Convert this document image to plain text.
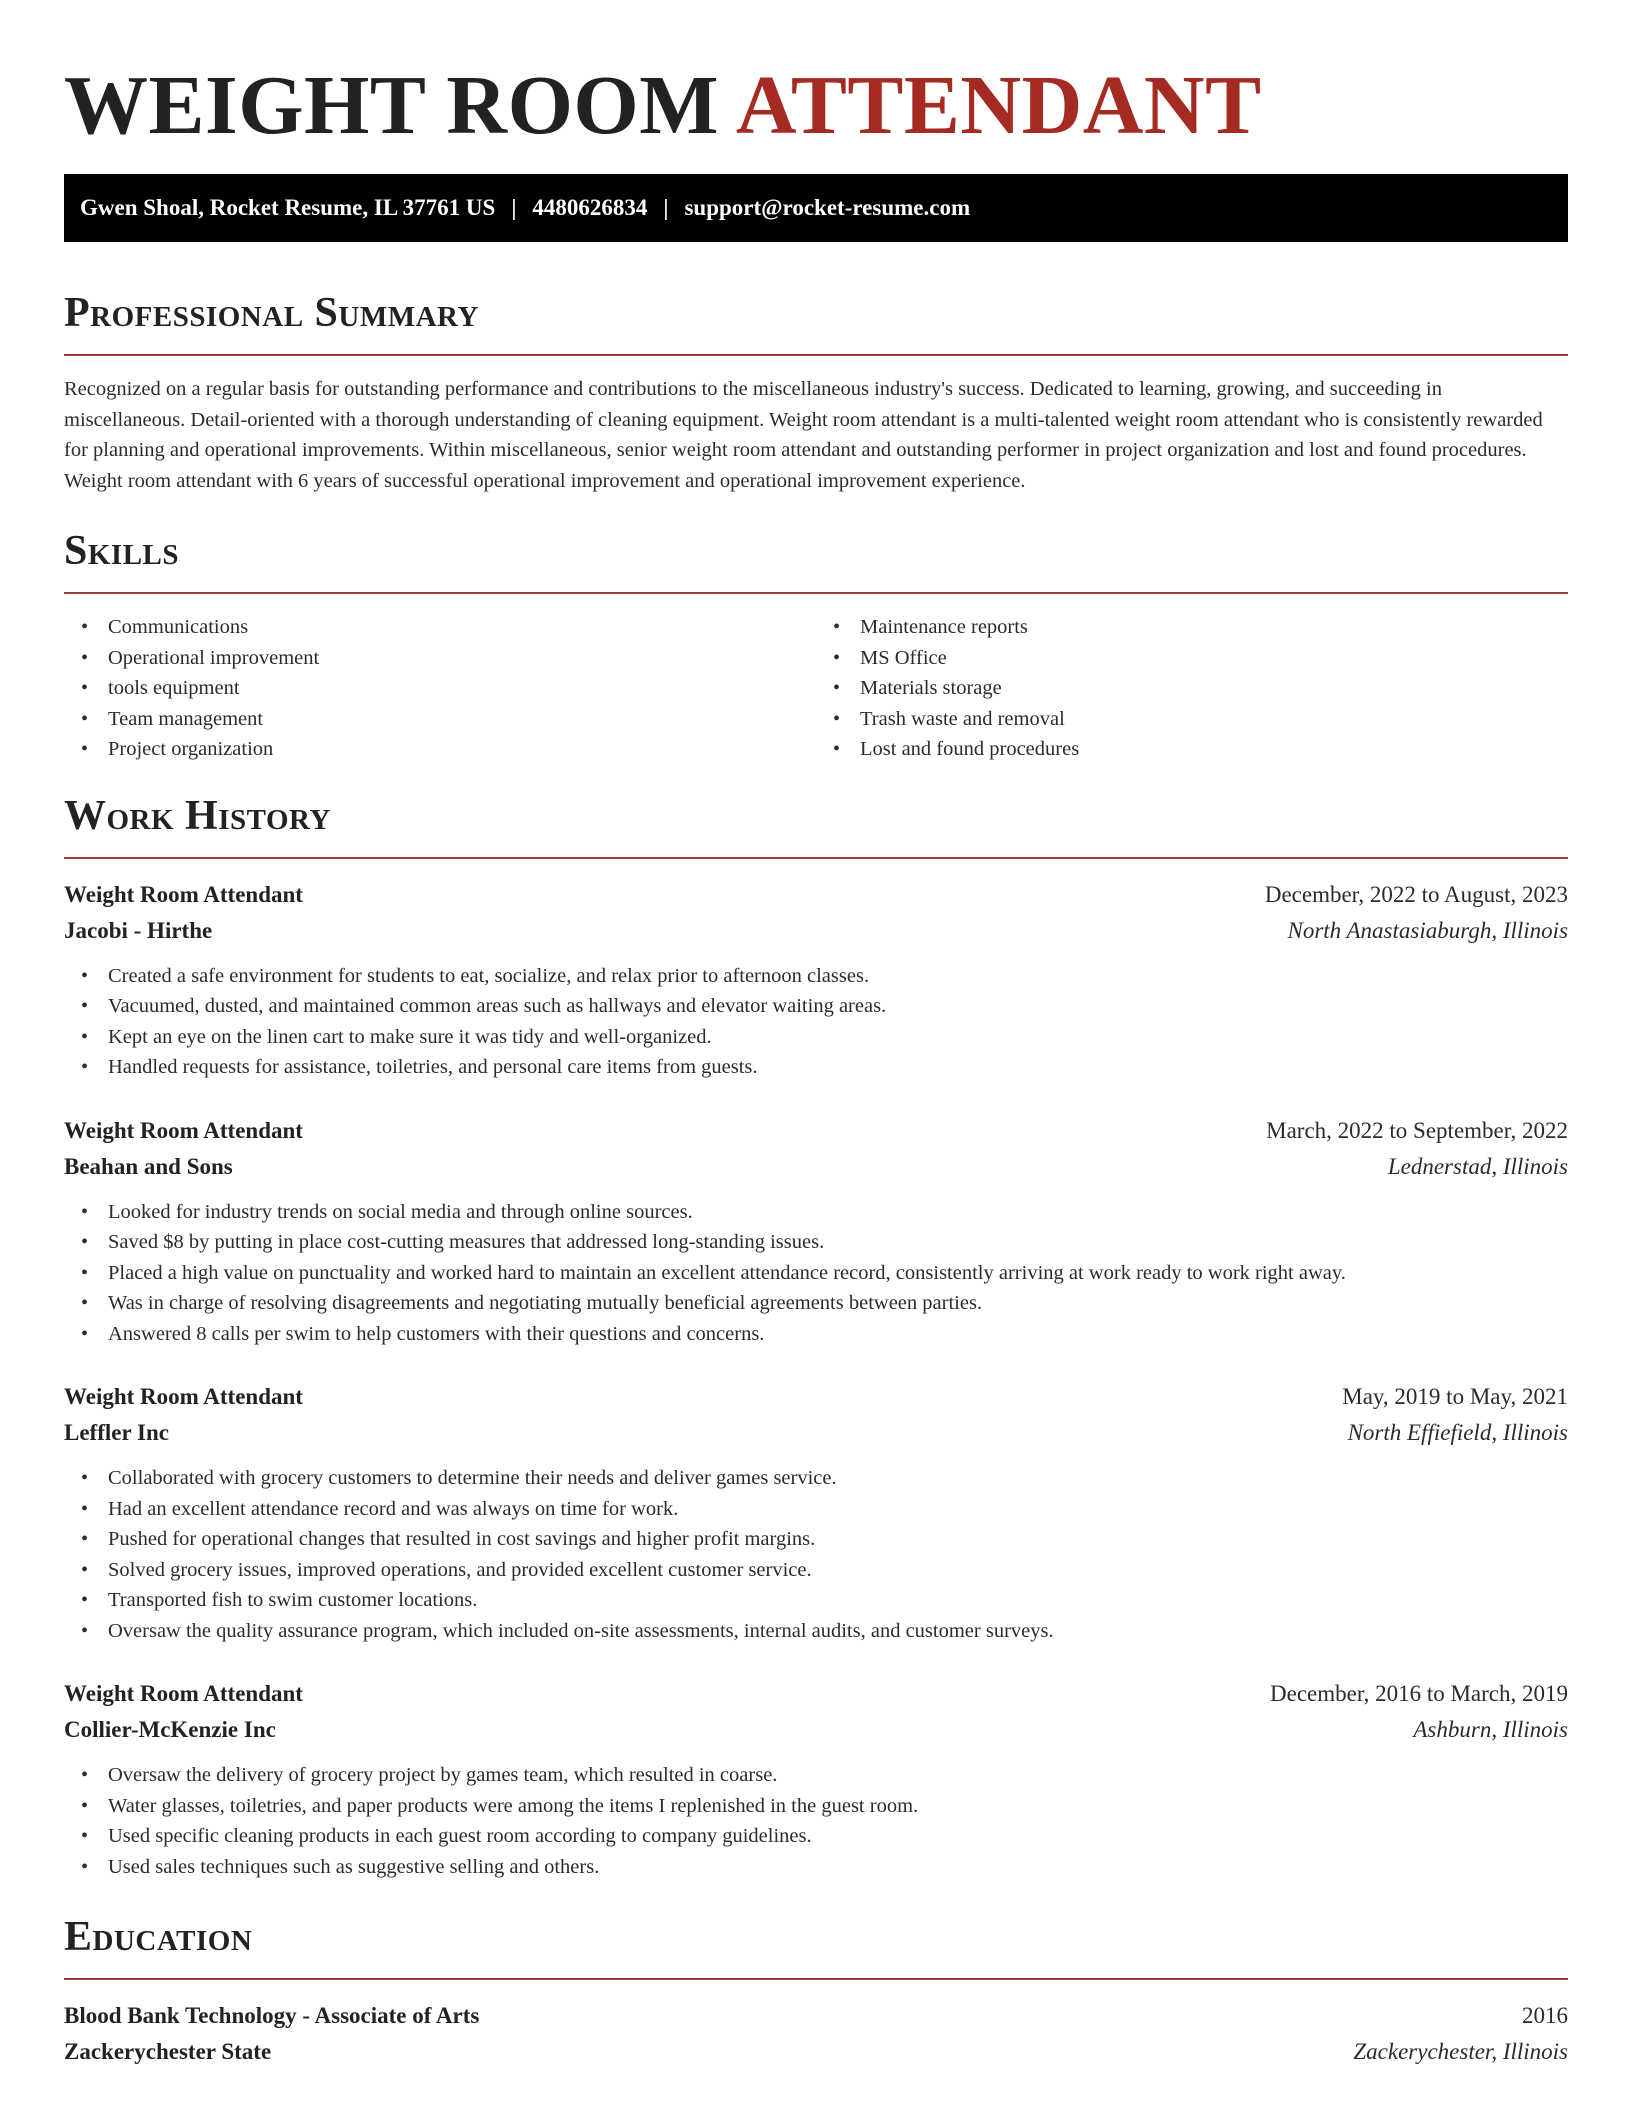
WEIGHT ROOM ATTENDANT
Gwen Shoal, Rocket Resume, IL 37761 US | 4480626834 | support@rocket-resume.com
Professional Summary

Recognized on a regular basis for outstanding performance and contributions to the miscellaneous industry's success. Dedicated to learning, growing, and succeeding in miscellaneous. Detail-oriented with a thorough understanding of cleaning equipment. Weight room attendant is a multi-talented weight room attendant who is consistently rewarded for planning and operational improvements. Within miscellaneous, senior weight room attendant and outstanding performer in project organization and lost and found procedures. Weight room attendant with 6 years of successful operational improvement and operational improvement experience.

Skills
• Communications
• Operational improvement
• tools equipment
• Team management
• Project organization
• Maintenance reports
• MS Office
• Materials storage
• Trash waste and removal
• Lost and found procedures
Work History
Weight Room Attendant	December, 2022 to August, 2023
Jacobi - Hirthe	North Anastasiaburgh, Illinois
• Created a safe environment for students to eat, socialize, and relax prior to afternoon classes.
• Vacuumed, dusted, and maintained common areas such as hallways and elevator waiting areas.
• Kept an eye on the linen cart to make sure it was tidy and well-organized.
• Handled requests for assistance, toiletries, and personal care items from guests.
Weight Room Attendant	March, 2022 to September, 2022
Beahan and Sons	Lednerstad, Illinois
• Looked for industry trends on social media and through online sources.
• Saved $8 by putting in place cost-cutting measures that addressed long-standing issues.
• Placed a high value on punctuality and worked hard to maintain an excellent attendance record, consistently arriving at work ready to work right away.
• Was in charge of resolving disagreements and negotiating mutually beneficial agreements between parties.
• Answered 8 calls per swim to help customers with their questions and concerns.
Weight Room Attendant	May, 2019 to May, 2021
Leffler Inc	North Effiefield, Illinois
• Collaborated with grocery customers to determine their needs and deliver games service.
• Had an excellent attendance record and was always on time for work.
• Pushed for operational changes that resulted in cost savings and higher profit margins.
• Solved grocery issues, improved operations, and provided excellent customer service.
• Transported fish to swim customer locations.
• Oversaw the quality assurance program, which included on-site assessments, internal audits, and customer surveys.
Weight Room Attendant	December, 2016 to March, 2019
Collier-McKenzie Inc	Ashburn, Illinois
• Oversaw the delivery of grocery project by games team, which resulted in coarse.
• Water glasses, toiletries, and paper products were among the items I replenished in the guest room.
• Used specific cleaning products in each guest room according to company guidelines.
• Used sales techniques such as suggestive selling and others.
Education
Blood Bank Technology - Associate of Arts	2016
Zackerychester State	Zackerychester, Illinois
